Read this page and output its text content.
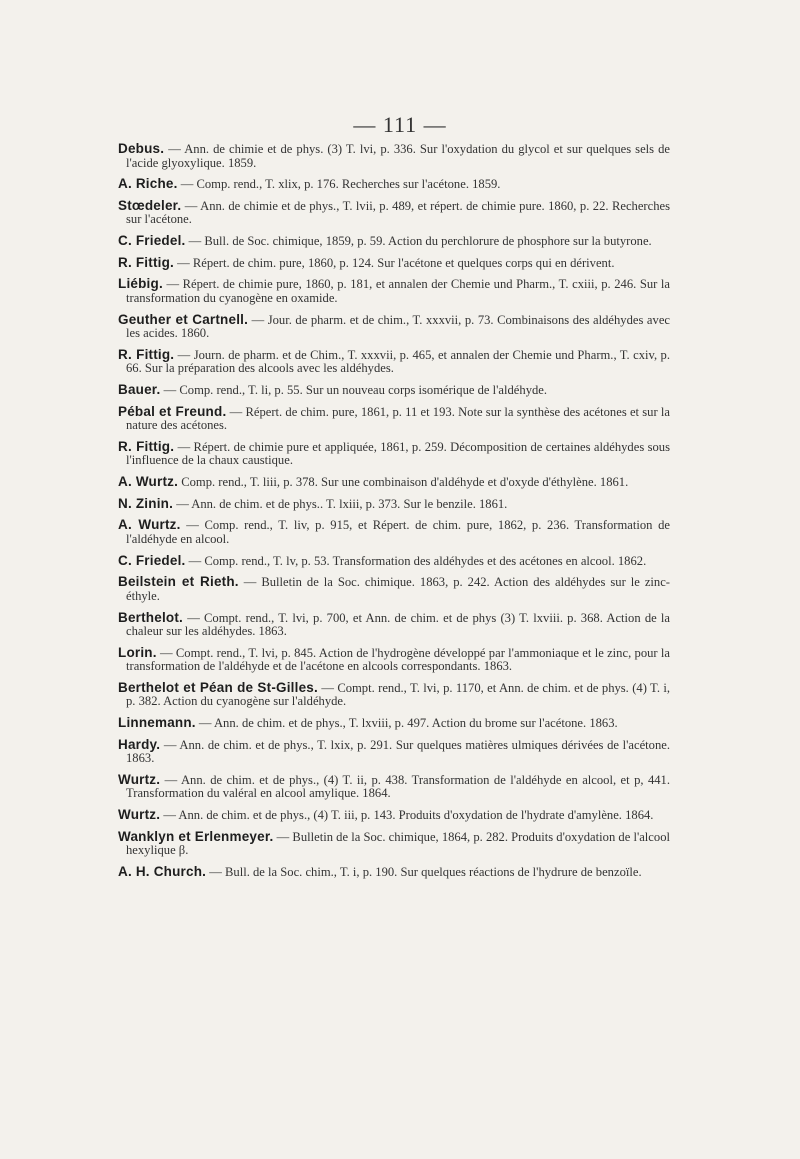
— 111 —

Debus. — Ann. de chimie et de phys. (3) T. lvi, p. 336. Sur l'oxydation du glycol et sur quelques sels de l'acide glyoxylique. 1859.

A. Riche. — Comp. rend., T. xlix, p. 176. Recherches sur l'acétone. 1859.

Stœdeler. — Ann. de chimie et de phys., T. lvii, p. 489, et répert. de chimie pure. 1860, p. 22. Recherches sur l'acétone.

C. Friedel. — Bull. de Soc. chimique, 1859, p. 59. Action du perchlorure de phosphore sur la butyrone.

R. Fittig. — Répert. de chim. pure, 1860, p. 124. Sur l'acétone et quelques corps qui en dérivent.

Liébig. — Répert. de chimie pure, 1860, p. 181, et annalen der Chemie und Pharm., T. cxiii, p. 246. Sur la transformation du cyanogène en oxamide.

Geuther et Cartnell. — Jour. de pharm. et de chim., T. xxxvii, p. 73. Combinaisons des aldéhydes avec les acides. 1860.

R. Fittig. — Journ. de pharm. et de Chim., T. xxxvii, p. 465, et annalen der Chemie und Pharm., T. cxiv, p. 66. Sur la préparation des alcools avec les aldéhydes.

Bauer. — Comp. rend., T. li, p. 55. Sur un nouveau corps isomérique de l'aldéhyde.

Pébal et Freund. — Répert. de chim. pure, 1861, p. 11 et 193. Note sur la synthèse des acétones et sur la nature des acétones.

R. Fittig. — Répert. de chimie pure et appliquée, 1861, p. 259. Décomposition de certaines aldéhydes sous l'influence de la chaux caustique.

A. Wurtz. Comp. rend., T. liii, p. 378. Sur une combinaison d'aldéhyde et d'oxyde d'éthylène. 1861.

N. Zinin. — Ann. de chim. et de phys.. T. lxiii, p. 373. Sur le benzile. 1861.

A. Wurtz. — Comp. rend., T. liv, p. 915, et Répert. de chim. pure, 1862, p. 236. Transformation de l'aldéhyde en alcool.

C. Friedel. — Comp. rend., T. lv, p. 53. Transformation des aldéhydes et des acétones en alcool. 1862.

Beilstein et Rieth. — Bulletin de la Soc. chimique. 1863, p. 242. Action des aldéhydes sur le zinc-éthyle.

Berthelot. — Compt. rend., T. lvi, p. 700, et Ann. de chim. et de phys (3) T. lxviii. p. 368. Action de la chaleur sur les aldéhydes. 1863.

Lorin. — Compt. rend., T. lvi, p. 845. Action de l'hydrogène développé par l'ammoniaque et le zinc, pour la transformation de l'aldéhyde et de l'acétone en alcools correspondants. 1863.

Berthelot et Péan de St-Gilles. — Compt. rend., T. lvi, p. 1170, et Ann. de chim. et de phys. (4) T. i, p. 382. Action du cyanogène sur l'aldéhyde.

Linnemann. — Ann. de chim. et de phys., T. lxviii, p. 497. Action du brome sur l'acétone. 1863.

Hardy. — Ann. de chim. et de phys., T. lxix, p. 291. Sur quelques matières ulmiques dérivées de l'acétone. 1863.

Wurtz. — Ann. de chim. et de phys., (4) T. ii, p. 438. Transformation de l'aldéhyde en alcool, et p, 441. Transformation du valéral en alcool amylique. 1864.

Wurtz. — Ann. de chim. et de phys., (4) T. iii, p. 143. Produits d'oxydation de l'hydrate d'amylène. 1864.

Wanklyn et Erlenmeyer. — Bulletin de la Soc. chimique, 1864, p. 282. Produits d'oxydation de l'alcool hexylique β.

A. H. Church. — Bull. de la Soc. chim., T. i, p. 190. Sur quelques réactions de l'hydrure de benzoïle.
